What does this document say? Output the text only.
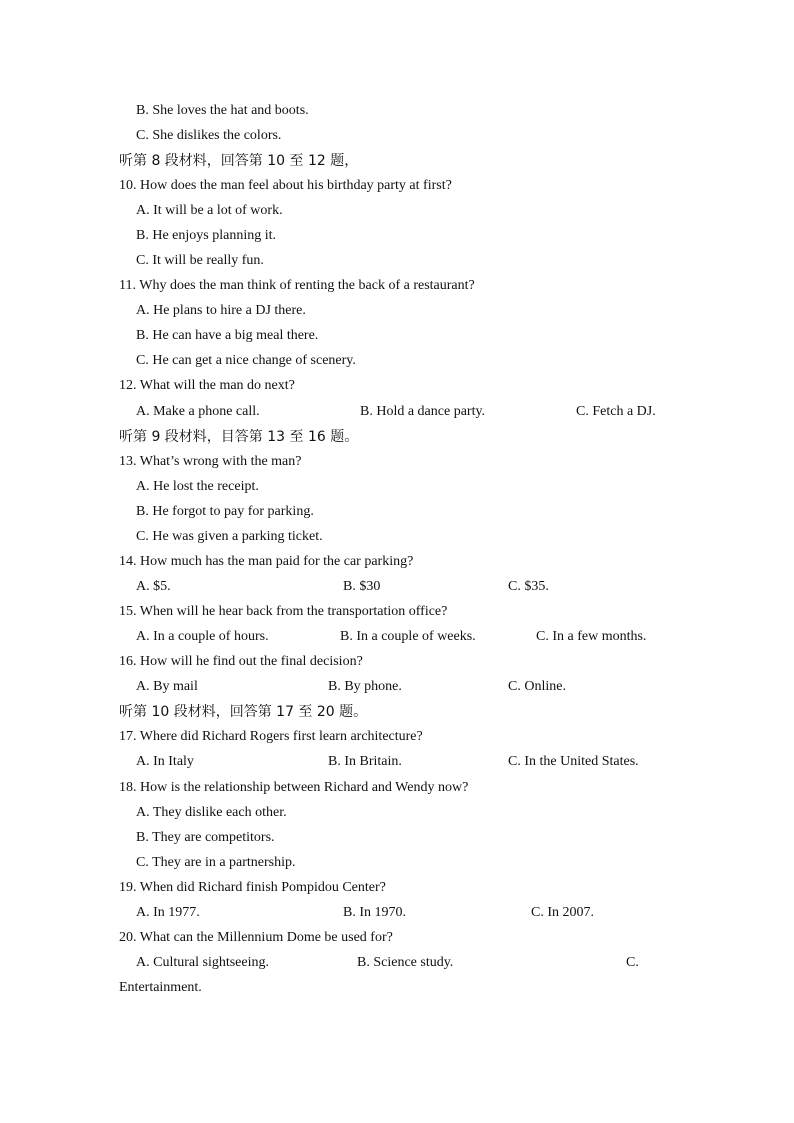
B. She loves the hat and boots.
C. She dislikes the colors.
听第 8 段材料，回答第 10 至 12 题，
10. How does the man feel about his birthday party at first?
A. It will be a lot of work.
B. He enjoys planning it.
C. It will be really fun.
11. Why does the man think of renting the back of a restaurant?
A. He plans to hire a DJ there.
B. He can have a big meal there.
C. He can get a nice change of scenery.
12. What will the man do next?
A. Make a phone call.	B. Hold a dance party.	C. Fetch a DJ.
听第 9 段材料，目答第 13 至 16 题。
13. What’s wrong with the man?
A. He lost the receipt.
B. He forgot to pay for parking.
C. He was given a parking ticket.
14. How much has the man paid for the car parking?
A. $5.	B. $30	C. $35.
15. When will he hear back from the transportation office?
A. In a couple of hours.	B. In a couple of weeks.	C. In a few months.
16. How will he find out the final decision?
A. By mail	B. By phone.	C. Online.
听第 10 段材料，回答第 17 至 20 题。
17. Where did Richard Rogers first learn architecture?
A. In Italy	B. In Britain.	C. In the United States.
18. How is the relationship between Richard and Wendy now?
A. They dislike each other.
B. They are competitors.
C. They are in a partnership.
19. When did Richard finish Pompidou Center?
A. In 1977.	B. In 1970.	C. In 2007.
20. What can the Millennium Dome be used for?
A. Cultural sightseeing.	B. Science study.	C.
Entertainment.
